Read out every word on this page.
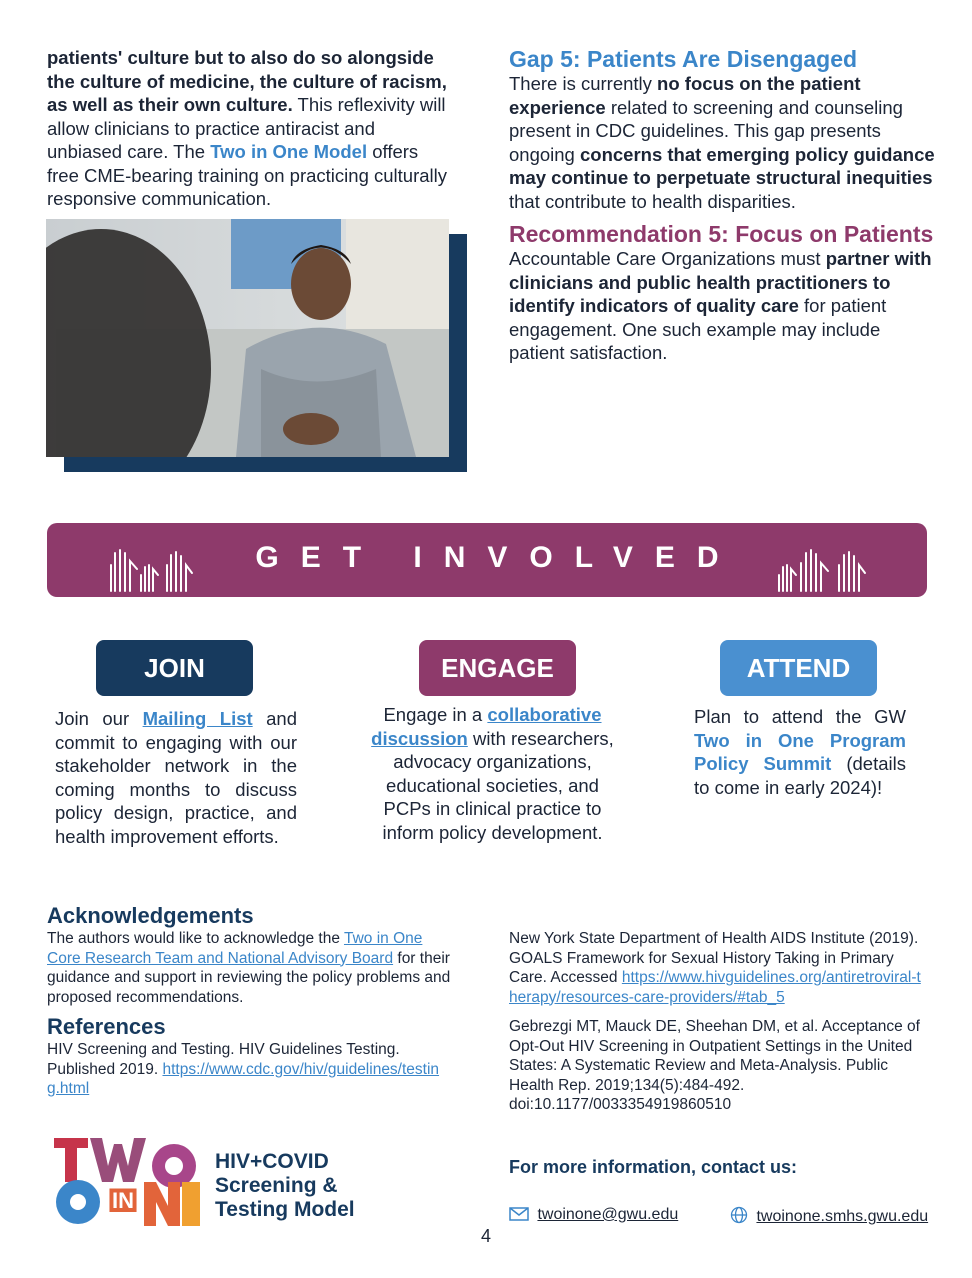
patients' culture but to also do so alongside the culture of medicine, the culture of racism, as well as their own culture. This reflexivity will allow clinicians to practice antiracist and unbiased care. The Two in One Model offers free CME-bearing training on practicing culturally responsive communication.
Gap 5: Patients Are Disengaged
There is currently no focus on the patient experience related to screening and counseling present in CDC guidelines. This gap presents ongoing concerns that emerging policy guidance may continue to perpetuate structural inequities that contribute to health disparities.
Recommendation 5: Focus on Patients
Accountable Care Organizations must partner with clinicians and public health practitioners to identify indicators of quality care for patient engagement. One such example may include patient satisfaction.
GET INVOLVED
JOIN	ENGAGE	ATTEND
Join our Mailing List and commit to engaging with our stakeholder network in the coming months to discuss policy design, practice, and health improvement efforts.
Engage in a collaborative discussion with researchers, advocacy organizations, educational societies, and PCPs in clinical practice to inform policy development.
Plan to attend the GW Two in One Program Policy Summit (details to come in early 2024)!
Acknowledgements
The authors would like to acknowledge the Two in One Core Research Team and National Advisory Board for their guidance and support in reviewing the policy problems and proposed recommendations.
References
HIV Screening and Testing. HIV Guidelines Testing. Published 2019. https://www.cdc.gov/hiv/guidelines/testing.html
New York State Department of Health AIDS Institute (2019). GOALS Framework for Sexual History Taking in Primary Care. Accessed https://www.hivguidelines.org/antiretroviral-therapy/resources-care-providers/#tab_5
Gebrezgi MT, Mauck DE, Sheehan DM, et al. Acceptance of Opt-Out HIV Screening in Outpatient Settings in the United States: A Systematic Review and Meta-Analysis. Public Health Rep. 2019;134(5):484-492. doi:10.1177/0033354919860510
IN
HIV+COVID
Screening &
Testing Model
For more information, contact us:
twoinone@gwu.edu	twoinone.smhs.gwu.edu
4
